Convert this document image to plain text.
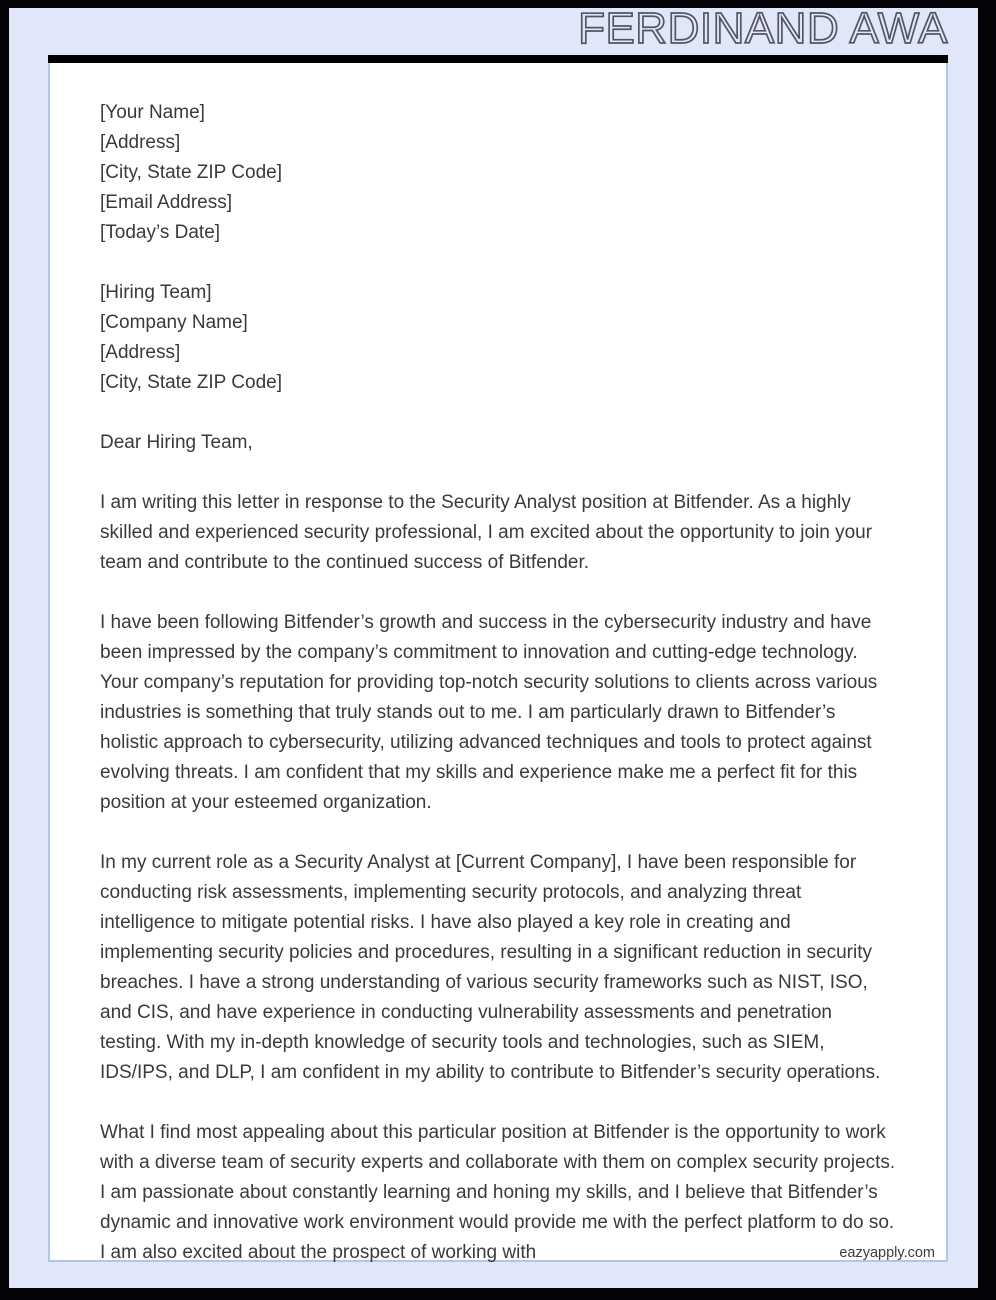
FERDINAND AWA
[Your Name]
[Address]
[City, State ZIP Code]
[Email Address]
[Today’s Date]
[Hiring Team]
[Company Name]
[Address]
[City, State ZIP Code]
Dear Hiring Team,

I am writing this letter in response to the Security Analyst position at Bitfender. As a highly skilled and experienced security professional, I am excited about the opportunity to join your team and contribute to the continued success of Bitfender.

I have been following Bitfender’s growth and success in the cybersecurity industry and have been impressed by the company’s commitment to innovation and cutting-edge technology. Your company’s reputation for providing top-notch security solutions to clients across various industries is something that truly stands out to me. I am particularly drawn to Bitfender’s holistic approach to cybersecurity, utilizing advanced techniques and tools to protect against evolving threats. I am confident that my skills and experience make me a perfect fit for this position at your esteemed organization.

In my current role as a Security Analyst at [Current Company], I have been responsible for conducting risk assessments, implementing security protocols, and analyzing threat intelligence to mitigate potential risks. I have also played a key role in creating and implementing security policies and procedures, resulting in a significant reduction in security breaches. I have a strong understanding of various security frameworks such as NIST, ISO, and CIS, and have experience in conducting vulnerability assessments and penetration testing. With my in-depth knowledge of security tools and technologies, such as SIEM, IDS/IPS, and DLP, I am confident in my ability to contribute to Bitfender’s security operations.

What I find most appealing about this particular position at Bitfender is the opportunity to work with a diverse team of security experts and collaborate with them on complex security projects. I am passionate about constantly learning and honing my skills, and I believe that Bitfender’s dynamic and innovative work environment would provide me with the perfect platform to do so. I am also excited about the prospect of working with	eazyapply.com
